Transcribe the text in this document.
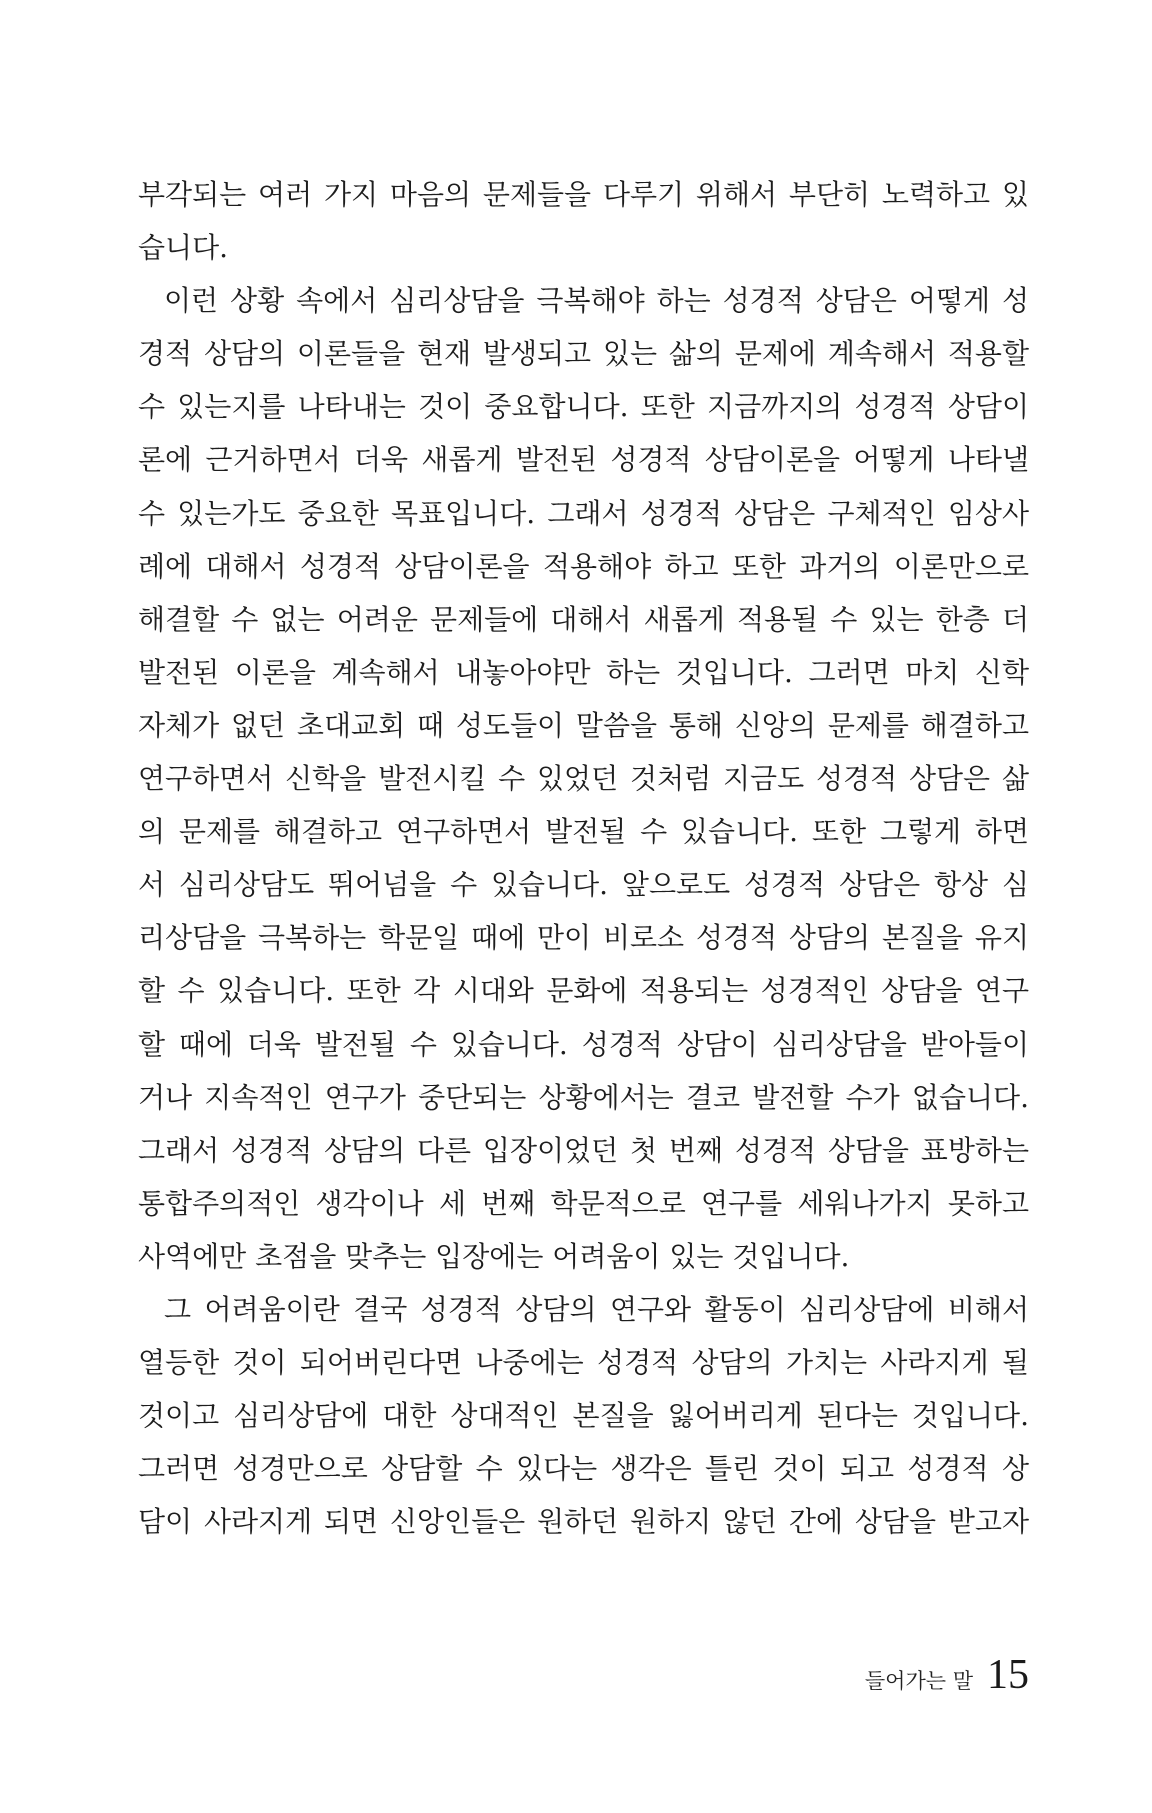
부각되는 여러 가지 마음의 문제들을 다루기 위해서 부단히 노력하고 있
습니다.
이런 상황 속에서 심리상담을 극복해야 하는 성경적 상담은 어떻게 성
경적 상담의 이론들을 현재 발생되고 있는 삶의 문제에 계속해서 적용할
수 있는지를 나타내는 것이 중요합니다. 또한 지금까지의 성경적 상담이
론에 근거하면서 더욱 새롭게 발전된 성경적 상담이론을 어떻게 나타낼
수 있는가도 중요한 목표입니다. 그래서 성경적 상담은 구체적인 임상사
례에 대해서 성경적 상담이론을 적용해야 하고 또한 과거의 이론만으로
해결할 수 없는 어려운 문제들에 대해서 새롭게 적용될 수 있는 한층 더
발전된 이론을 계속해서 내놓아야만 하는 것입니다. 그러면 마치 신학
자체가 없던 초대교회 때 성도들이 말씀을 통해 신앙의 문제를 해결하고
연구하면서 신학을 발전시킬 수 있었던 것처럼 지금도 성경적 상담은 삶
의 문제를 해결하고 연구하면서 발전될 수 있습니다. 또한 그렇게 하면
서 심리상담도 뛰어넘을 수 있습니다. 앞으로도 성경적 상담은 항상 심
리상담을 극복하는 학문일 때에 만이 비로소 성경적 상담의 본질을 유지
할 수 있습니다. 또한 각 시대와 문화에 적용되는 성경적인 상담을 연구
할 때에 더욱 발전될 수 있습니다. 성경적 상담이 심리상담을 받아들이
거나 지속적인 연구가 중단되는 상황에서는 결코 발전할 수가 없습니다.
그래서 성경적 상담의 다른 입장이었던 첫 번째 성경적 상담을 표방하는
통합주의적인 생각이나 세 번째 학문적으로 연구를 세워나가지 못하고
사역에만 초점을 맞추는 입장에는 어려움이 있는 것입니다.
그 어려움이란 결국 성경적 상담의 연구와 활동이 심리상담에 비해서
열등한 것이 되어버린다면 나중에는 성경적 상담의 가치는 사라지게 될
것이고 심리상담에 대한 상대적인 본질을 잃어버리게 된다는 것입니다.
그러면 성경만으로 상담할 수 있다는 생각은 틀린 것이 되고 성경적 상
담이 사라지게 되면 신앙인들은 원하던 원하지 않던 간에 상담을 받고자
들어가는 말 15
